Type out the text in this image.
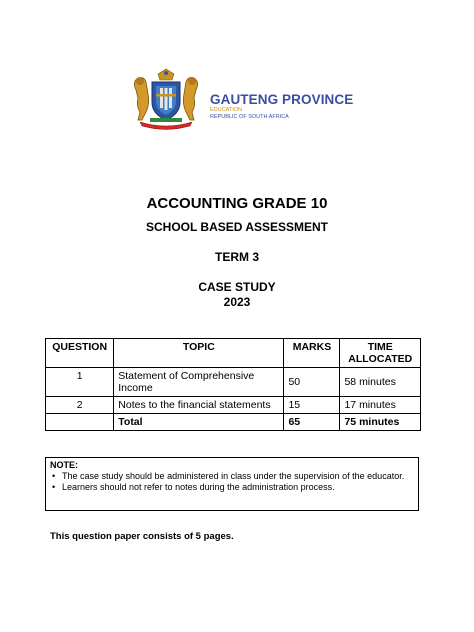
GAUTENG PROVINCE
EDUCATION
REPUBLIC OF SOUTH AFRICA
ACCOUNTING GRADE 10
SCHOOL BASED ASSESSMENT
TERM 3
CASE STUDY
2023
QUESTION	TOPIC	MARKS	TIME
ALLOCATED

1	Statement of Comprehensive Income	50	58 minutes
2	Notes to the financial statements	15	17 minutes
	Total	65	75 minutes
NOTE:
• The case study should be administered in class under the supervision of the educator.
• Learners should not refer to notes during the administration process.
This question paper consists of 5 pages.
